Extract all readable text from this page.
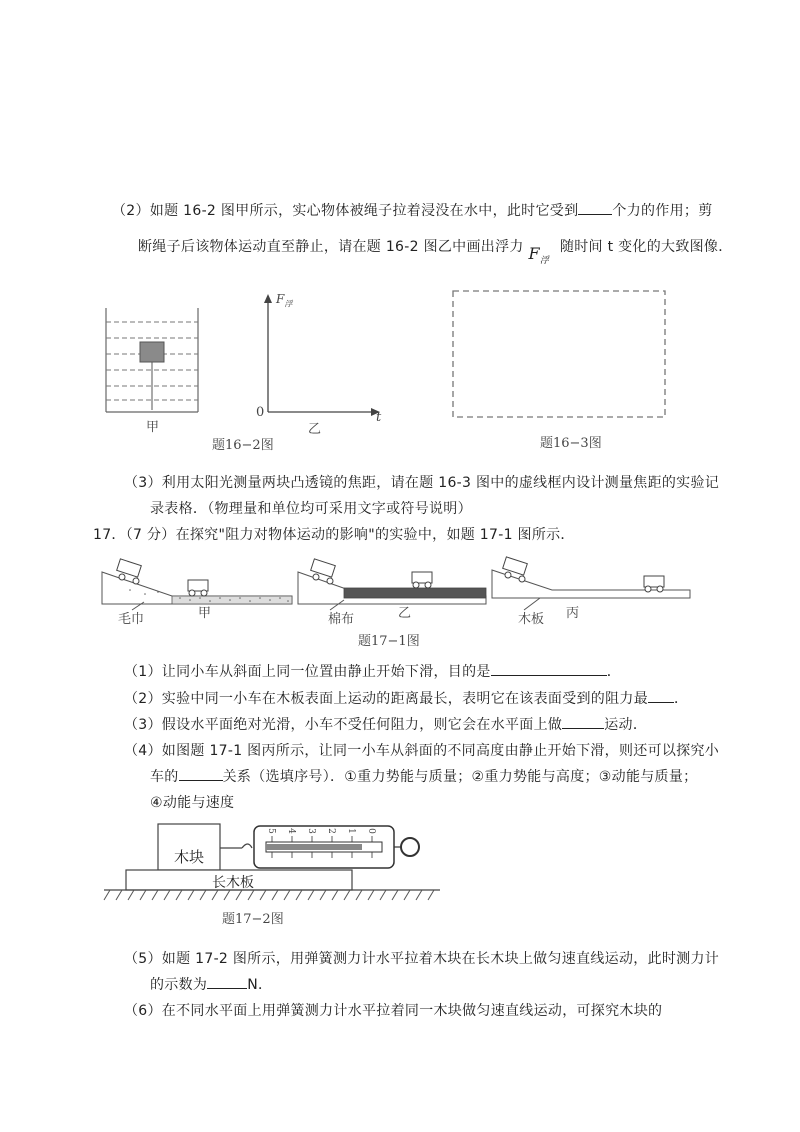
（2）如题 16-2 图甲所示，实心物体被绳子拉着浸没在水中，此时它受到 个力的作用；剪
断绳子后该物体运动直至静止，请在题 16-2 图乙中画出浮力 $F_浮$ 随时间 t 变化的大致图像．
甲
$F_浮$
t
0
乙
题16−2图	题16−3图
（3）利用太阳光测量两块凸透镜的焦距，请在题 16-3 图中的虚线框内设计测量焦距的实验记
录表格．（物理量和单位均可采用文字或符号说明）
17．（7 分）在探究"阻力对物体运动的影响"的实验中，如题 17-1 图所示．
毛巾	甲	棉布	乙	木板 丙
题17−1图
（1）让同小车从斜面上同一位置由静止开始下滑，目的是	．
（2）实验中同一小车在木板表面上运动的距离最长，表明它在该表面受到的阻力最 ．
（3）假设水平面绝对光滑，小车不受任何阻力，则它会在水平面上做	运动．
（4）如图题 17-1 图丙所示，让同一小车从斜面的不同高度由静止开始下滑，则还可以探究小
车的	关系（选填序号）．①重力势能与质量；②重力势能与高度；③动能与质量；
④动能与速度
5 4 3 2 1 0
木块
长木板
题17−2图
（5）如题 17-2 图所示，用弹簧测力计水平拉着木块在长木块上做匀速直线运动，此时测力计
的示数为	N．
（6）在不同水平面上用弹簧测力计水平拉着同一木块做匀速直线运动，可探究木块的
